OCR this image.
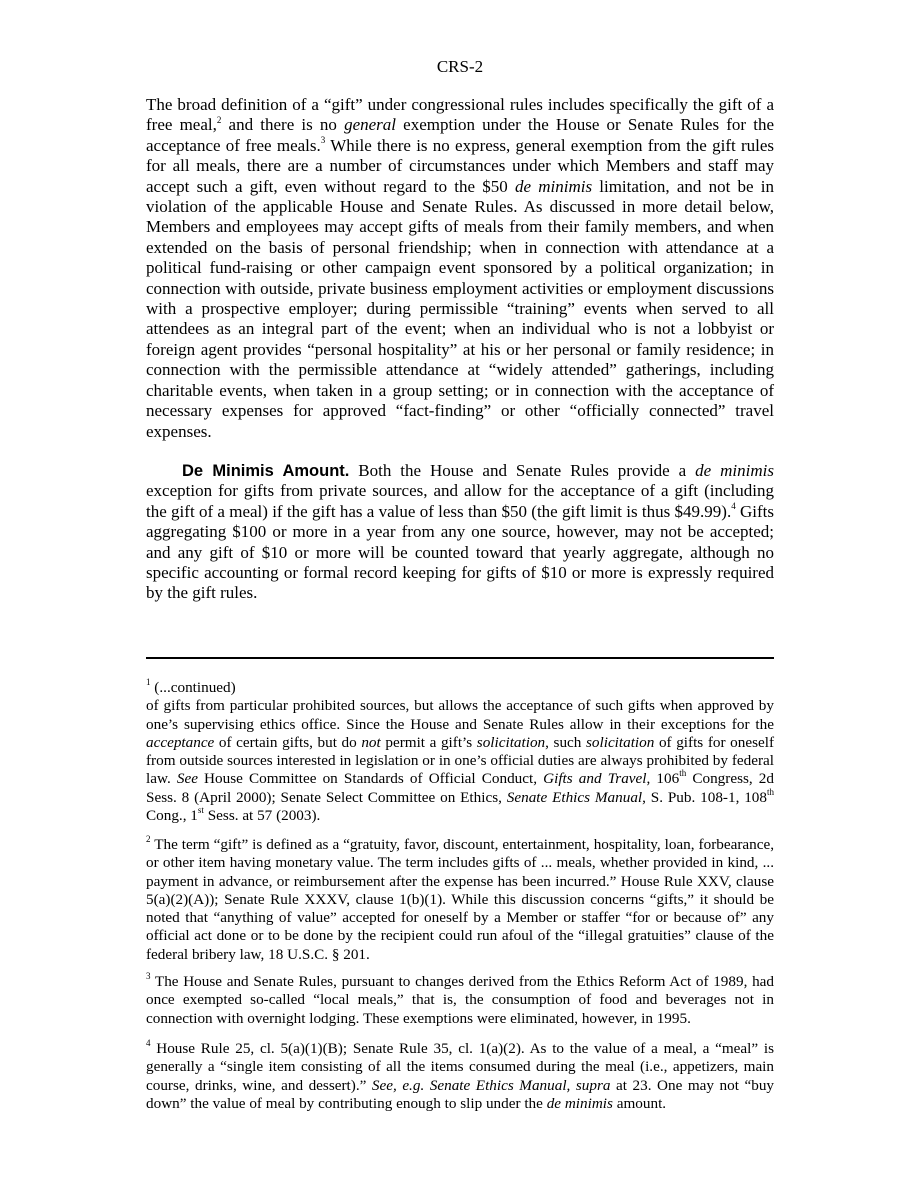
CRS-2

The broad definition of a “gift” under congressional rules includes specifically the gift of a free meal,$^2$ and there is no general exemption under the House or Senate Rules for the acceptance of free meals.$^3$ While there is no express, general exemption from the gift rules for all meals, there are a number of circumstances under which Members and staff may accept such a gift, even without regard to the $50 de minimis limitation, and not be in violation of the applicable House and Senate Rules. As discussed in more detail below, Members and employees may accept gifts of meals from their family members, and when extended on the basis of personal friendship; when in connection with attendance at a political fund-raising or other campaign event sponsored by a political organization; in connection with outside, private business employment activities or employment discussions with a prospective employer; during permissible “training” events when served to all attendees as an integral part of the event; when an individual who is not a lobbyist or foreign agent provides “personal hospitality” at his or her personal or family residence; in connection with the permissible attendance at “widely attended” gatherings, including charitable events, when taken in a group setting; or in connection with the acceptance of necessary expenses for approved “fact-finding” or other “officially connected” travel expenses.

De Minimis Amount. Both the House and Senate Rules provide a de minimis exception for gifts from private sources, and allow for the acceptance of a gift (including the gift of a meal) if the gift has a value of less than $50 (the gift limit is thus $49.99).$^4$ Gifts aggregating $100 or more in a year from any one source, however, may not be accepted; and any gift of $10 or more will be counted toward that yearly aggregate, although no specific accounting or formal record keeping for gifts of $10 or more is expressly required by the gift rules.

$^1$ (...continued)
of gifts from particular prohibited sources, but allows the acceptance of such gifts when approved by one’s supervising ethics office. Since the House and Senate Rules allow in their exceptions for the acceptance of certain gifts, but do not permit a gift’s solicitation, such solicitation of gifts for oneself from outside sources interested in legislation or in one’s official duties are always prohibited by federal law. See House Committee on Standards of Official Conduct, Gifts and Travel, 106th Congress, 2d Sess. 8 (April 2000); Senate Select Committee on Ethics, Senate Ethics Manual, S. Pub. 108-1, 108th Cong., 1st Sess. at 57 (2003).

$^2$ The term “gift” is defined as a “gratuity, favor, discount, entertainment, hospitality, loan, forbearance, or other item having monetary value. The term includes gifts of ... meals, whether provided in kind, ... payment in advance, or reimbursement after the expense has been incurred.” House Rule XXV, clause 5(a)(2)(A)); Senate Rule XXXV, clause 1(b)(1). While this discussion concerns “gifts,” it should be noted that “anything of value” accepted for oneself by a Member or staffer “for or because of” any official act done or to be done by the recipient could run afoul of the “illegal gratuities” clause of the federal bribery law, 18 U.S.C. § 201.

$^3$ The House and Senate Rules, pursuant to changes derived from the Ethics Reform Act of 1989, had once exempted so-called “local meals,” that is, the consumption of food and beverages not in connection with overnight lodging. These exemptions were eliminated, however, in 1995.

$^4$ House Rule 25, cl. 5(a)(1)(B); Senate Rule 35, cl. 1(a)(2). As to the value of a meal, a “meal” is generally a “single item consisting of all the items consumed during the meal (i.e., appetizers, main course, drinks, wine, and dessert).” See, e.g. Senate Ethics Manual, supra at 23. One may not “buy down” the value of meal by contributing enough to slip under the de minimis amount.
